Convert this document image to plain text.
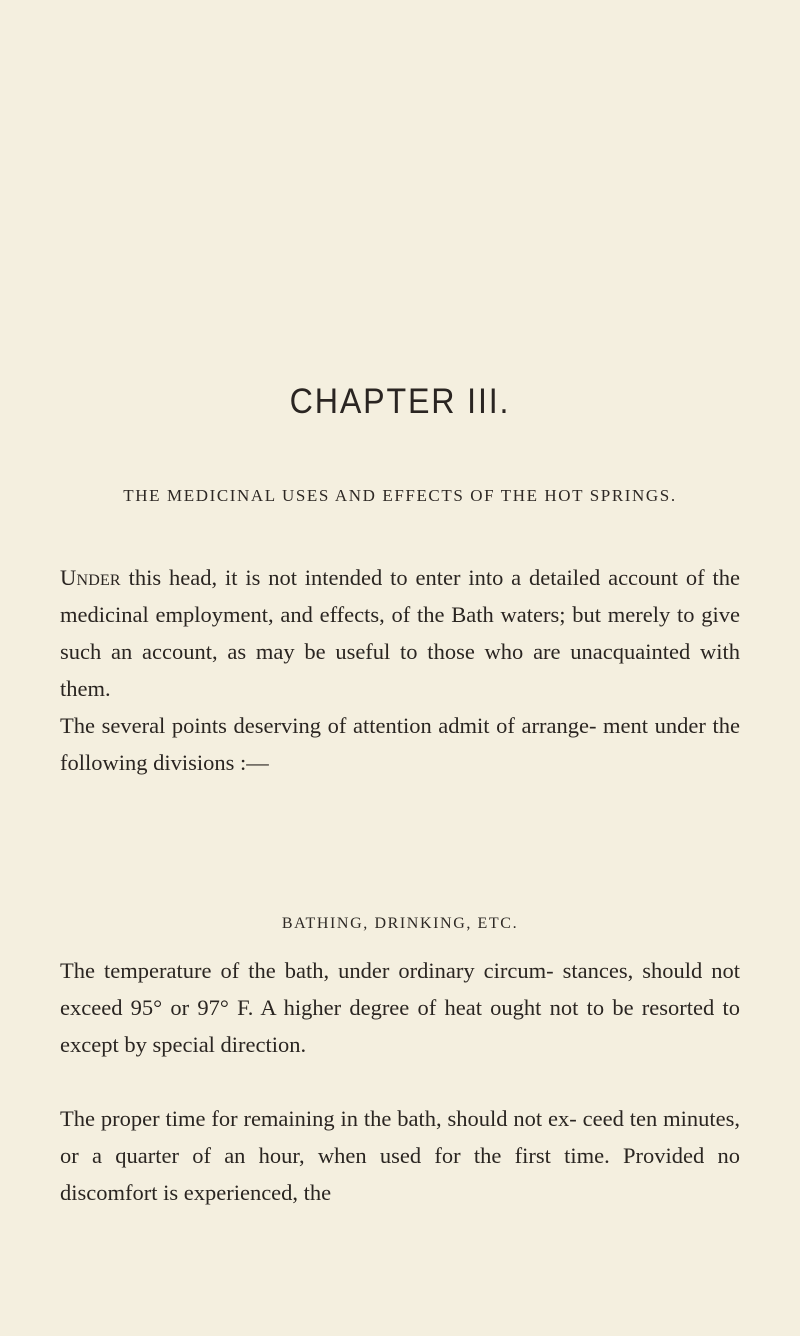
CHAPTER III.
THE MEDICINAL USES AND EFFECTS OF THE HOT SPRINGS.

Under this head, it is not intended to enter into a detailed account of the medicinal employment, and effects, of the Bath waters; but merely to give such an account, as may be useful to those who are unacquainted with them.

The several points deserving of attention admit of arrange- ment under the following divisions :—

BATHING, DRINKING, ETC.

The temperature of the bath, under ordinary circum- stances, should not exceed 95° or 97° F. A higher degree of heat ought not to be resorted to except by special direction.

The proper time for remaining in the bath, should not ex- ceed ten minutes, or a quarter of an hour, when used for the first time. Provided no discomfort is experienced, the
